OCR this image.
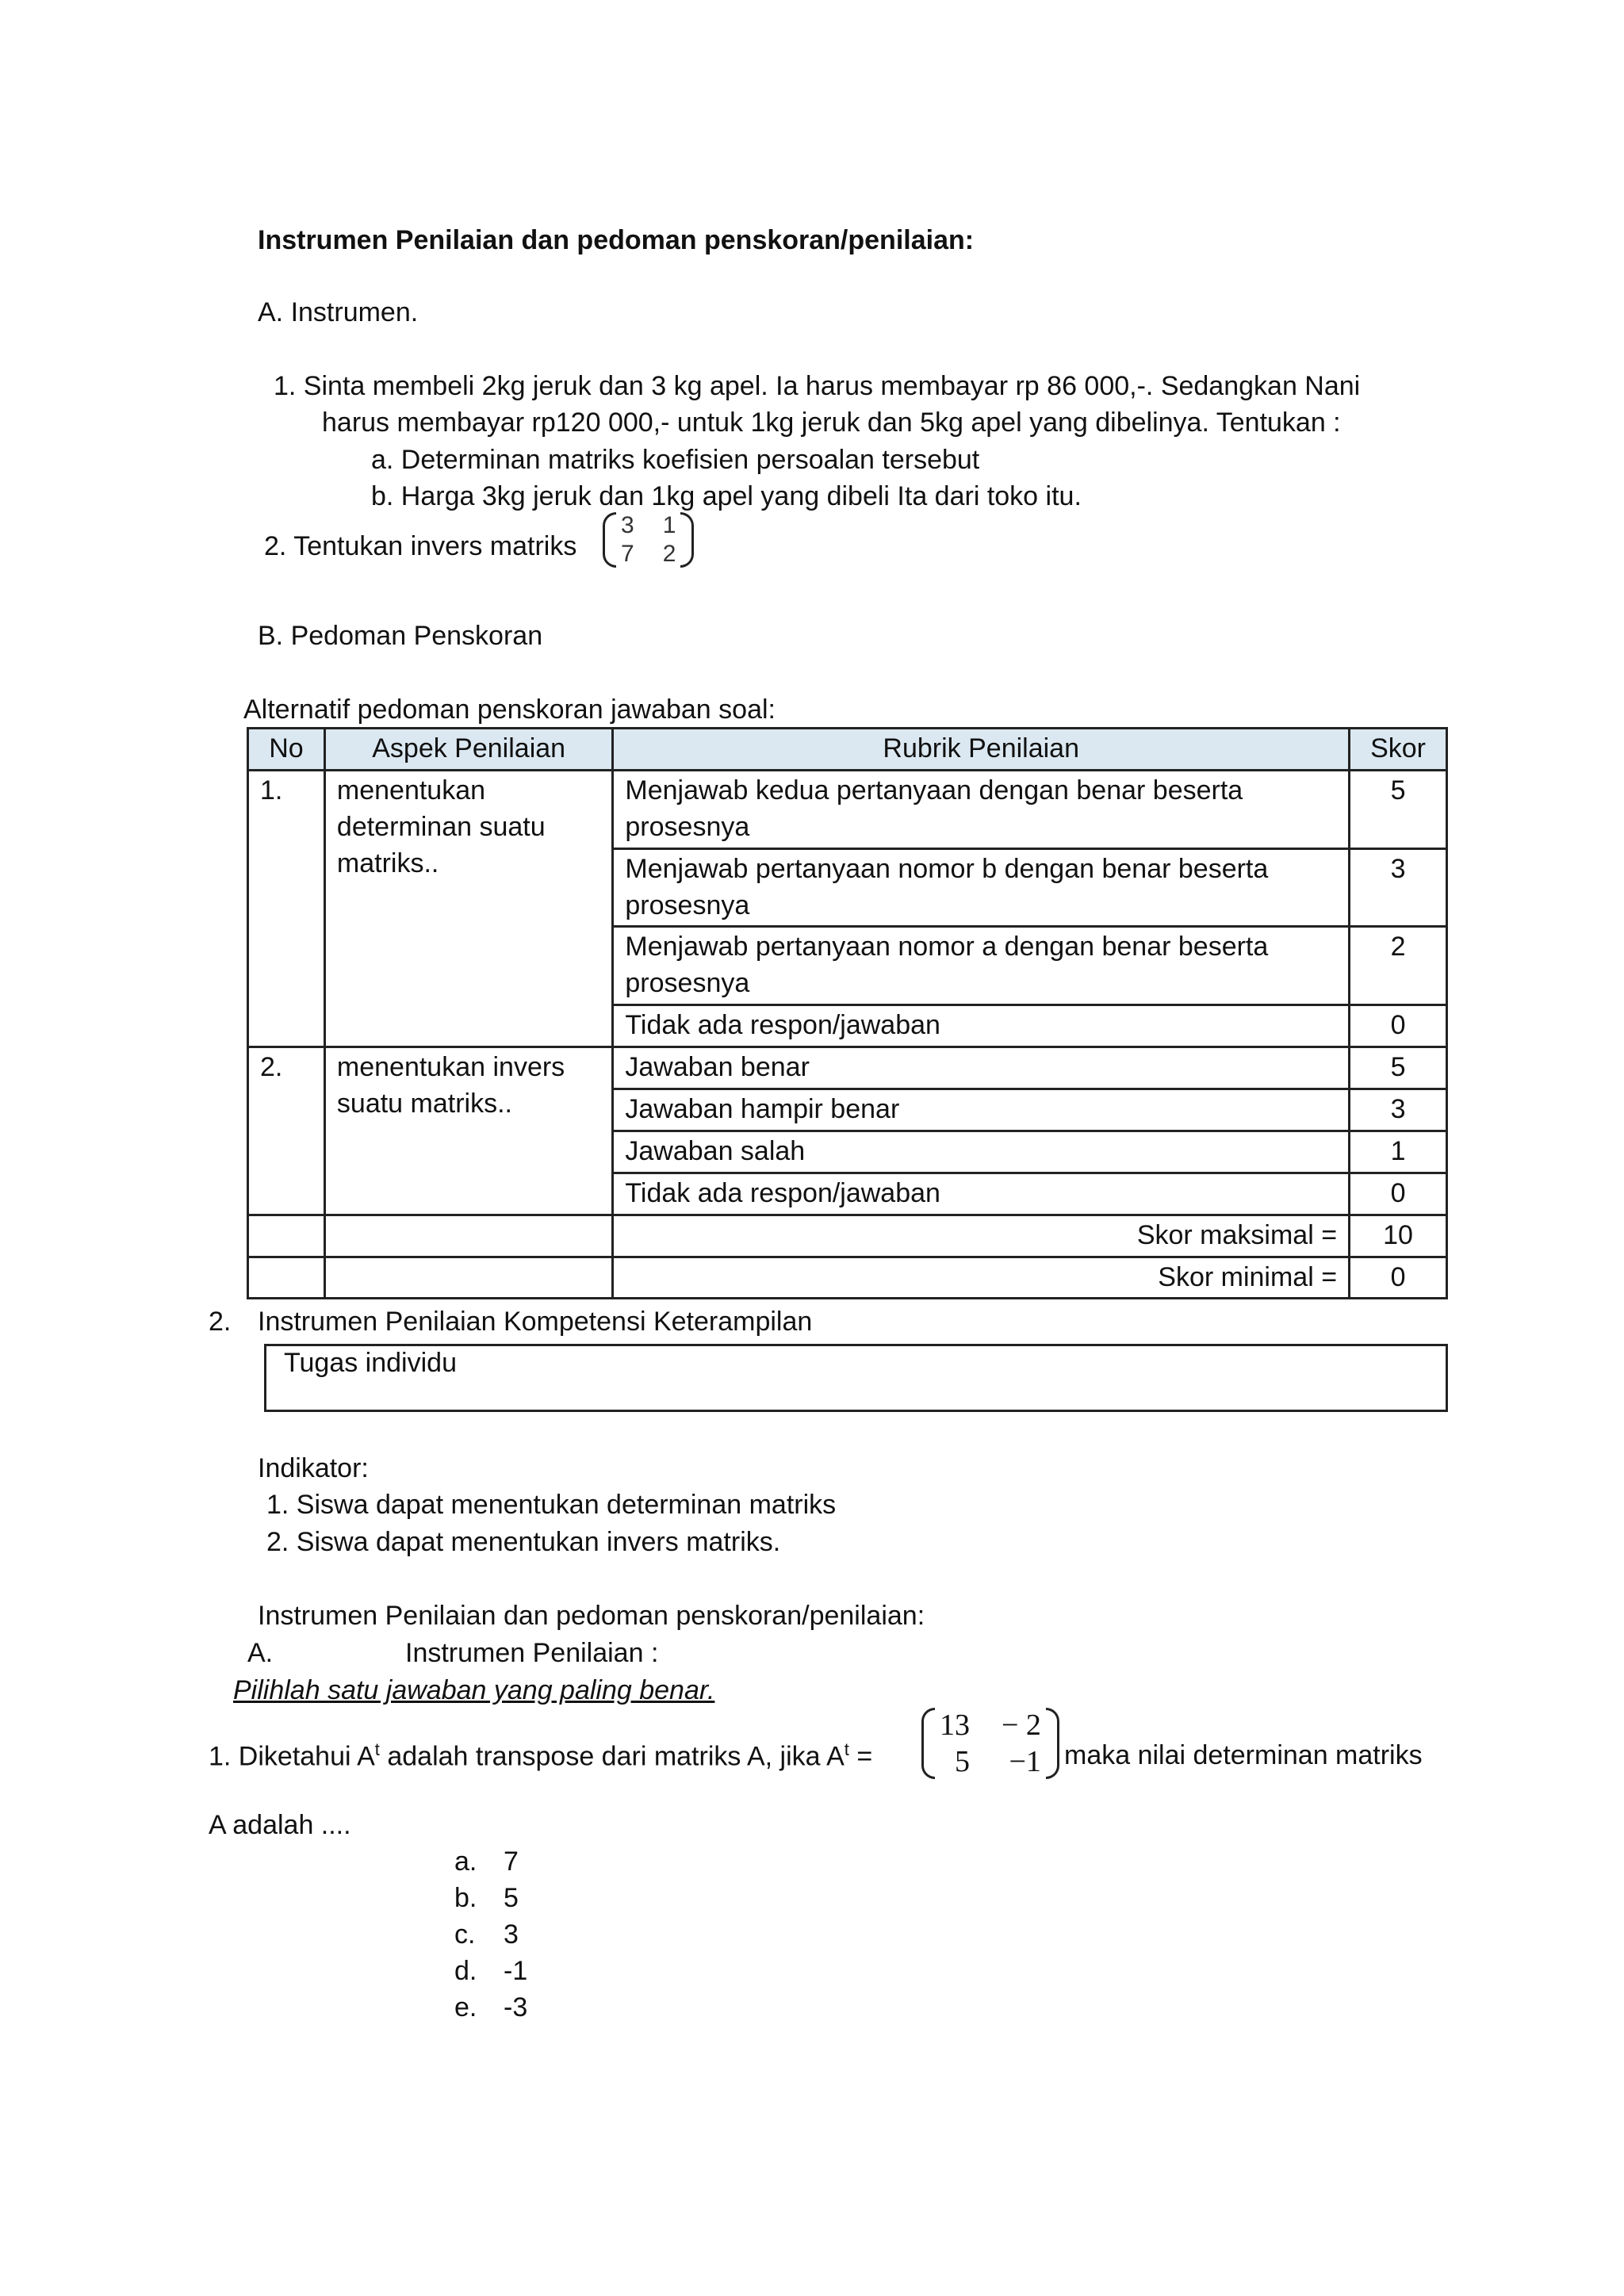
Instrumen Penilaian dan pedoman penskoran/penilaian:
A. Instrumen.
1. Sinta membeli 2kg jeruk dan 3 kg apel. Ia harus membayar rp 86 000,-. Sedangkan Nani
harus membayar rp120 000,- untuk 1kg jeruk dan 5kg apel yang dibelinya. Tentukan :
a. Determinan matriks koefisien persoalan tersebut
b. Harga 3kg jeruk dan 1kg apel yang dibeli Ita dari toko itu.
2. Tentukan invers matriks
3 1
7 2
B. Pedoman Penskoran
Alternatif pedoman penskoran jawaban soal:
No	Aspek Penilaian	Rubrik Penilaian	Skor
1.	menentukan determinan suatu matriks..	Menjawab kedua pertanyaan dengan benar beserta prosesnya	5
		Menjawab pertanyaan nomor b dengan benar beserta prosesnya	3
		Menjawab pertanyaan nomor a dengan benar beserta prosesnya	2
		Tidak ada respon/jawaban	0
2.	menentukan invers suatu matriks..	Jawaban benar	5
		Jawaban hampir benar	3
		Jawaban salah	1
		Tidak ada respon/jawaban	0
		Skor maksimal =	10
		Skor minimal =	0
2. Instrumen Penilaian Kompetensi Keterampilan
Tugas individu
Indikator:
1. Siswa dapat menentukan determinan matriks
2. Siswa dapat menentukan invers matriks.
Instrumen Penilaian dan pedoman penskoran/penilaian:
A.	Instrumen Penilaian :
Pilihlah satu jawaban yang paling benar.
1. Diketahui $A^t$ adalah transpose dari matriks A, jika $A^t$ =
13 − 2
5 −1 maka nilai determinan matriks
A adalah ....
a. 7
b. 5
c. 3
d. -1
e. -3
